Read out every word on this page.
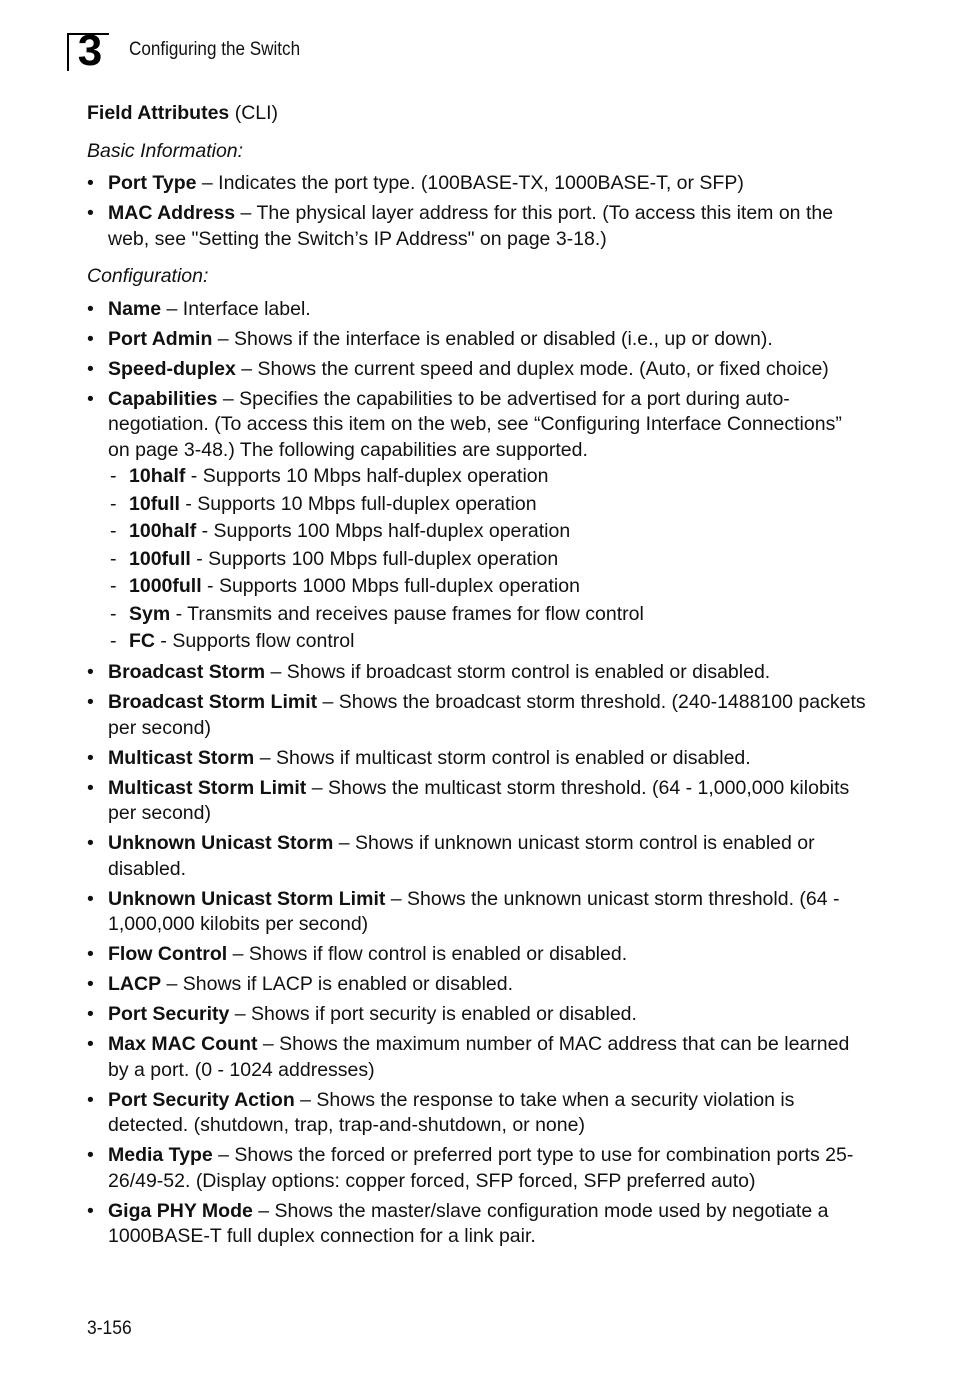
3	Configuring the Switch
Field Attributes (CLI)
Basic Information:
• Port Type – Indicates the port type. (100BASE-TX, 1000BASE-T, or SFP)
• MAC Address – The physical layer address for this port. (To access this item on the web, see "Setting the Switch’s IP Address" on page 3-18.)
Configuration:
• Name – Interface label.
• Port Admin – Shows if the interface is enabled or disabled (i.e., up or down).
• Speed-duplex – Shows the current speed and duplex mode. (Auto, or fixed choice)
• Capabilities – Specifies the capabilities to be advertised for a port during auto-negotiation. (To access this item on the web, see “Configuring Interface Connections” on page 3-48.) The following capabilities are supported.
- 10half - Supports 10 Mbps half-duplex operation
- 10full - Supports 10 Mbps full-duplex operation
- 100half - Supports 100 Mbps half-duplex operation
- 100full - Supports 100 Mbps full-duplex operation
- 1000full - Supports 1000 Mbps full-duplex operation
- Sym - Transmits and receives pause frames for flow control
- FC - Supports flow control
• Broadcast Storm – Shows if broadcast storm control is enabled or disabled.
• Broadcast Storm Limit – Shows the broadcast storm threshold. (240-1488100 packets per second)
• Multicast Storm – Shows if multicast storm control is enabled or disabled.
• Multicast Storm Limit – Shows the multicast storm threshold. (64 - 1,000,000 kilobits per second)
• Unknown Unicast Storm – Shows if unknown unicast storm control is enabled or disabled.
• Unknown Unicast Storm Limit – Shows the unknown unicast storm threshold. (64 - 1,000,000 kilobits per second)
• Flow Control – Shows if flow control is enabled or disabled.
• LACP – Shows if LACP is enabled or disabled.
• Port Security – Shows if port security is enabled or disabled.
• Max MAC Count – Shows the maximum number of MAC address that can be learned by a port. (0 - 1024 addresses)
• Port Security Action – Shows the response to take when a security violation is detected. (shutdown, trap, trap-and-shutdown, or none)
• Media Type – Shows the forced or preferred port type to use for combination ports 25-26/49-52. (Display options: copper forced, SFP forced, SFP preferred auto)
• Giga PHY Mode – Shows the master/slave configuration mode used by negotiate a 1000BASE-T full duplex connection for a link pair.
3-156
